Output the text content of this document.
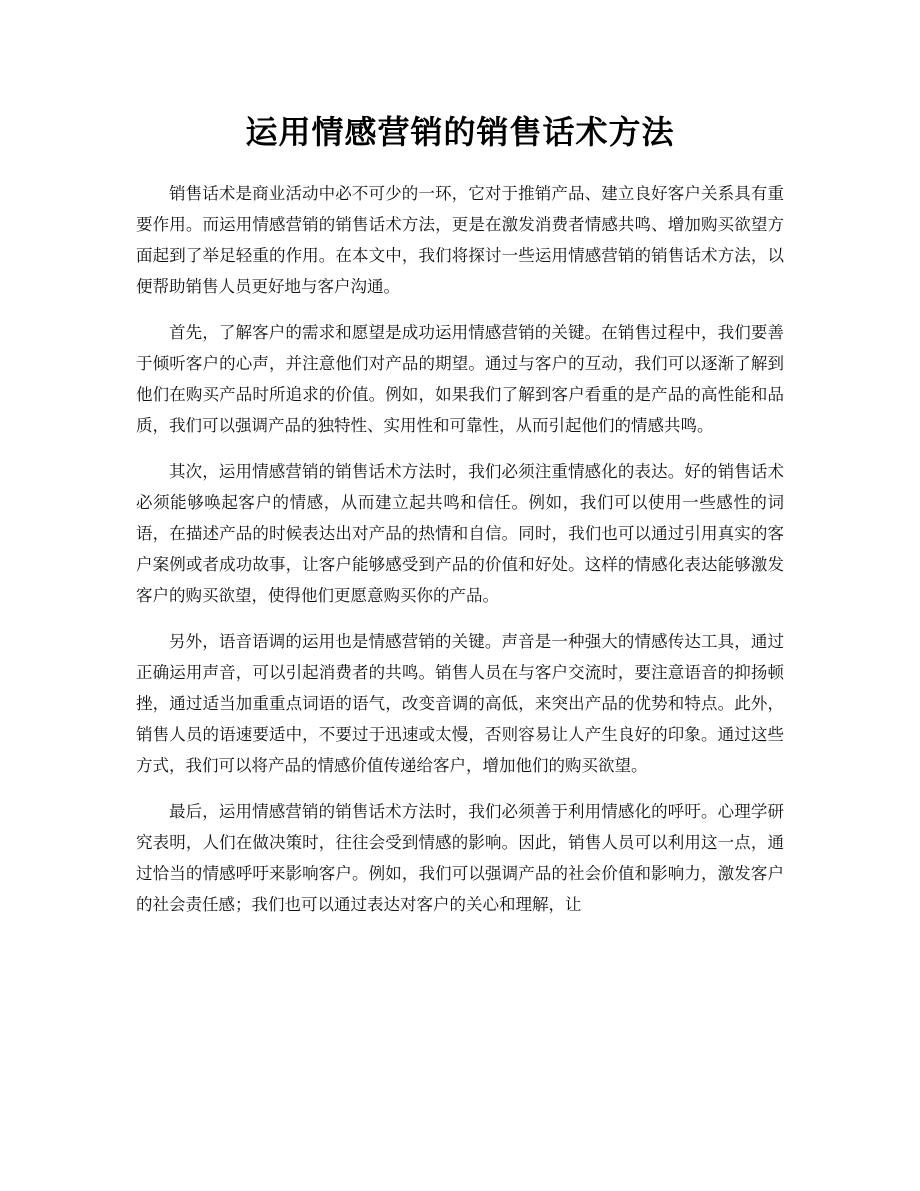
运用情感营销的销售话术方法

销售话术是商业活动中必不可少的一环，它对于推销产品、建立良好客户关系具有重要作用。而运用情感营销的销售话术方法，更是在激发消费者情感共鸣、增加购买欲望方面起到了举足轻重的作用。在本文中，我们将探讨一些运用情感营销的销售话术方法，以便帮助销售人员更好地与客户沟通。

首先，了解客户的需求和愿望是成功运用情感营销的关键。在销售过程中，我们要善于倾听客户的心声，并注意他们对产品的期望。通过与客户的互动，我们可以逐渐了解到他们在购买产品时所追求的价值。例如，如果我们了解到客户看重的是产品的高性能和品质，我们可以强调产品的独特性、实用性和可靠性，从而引起他们的情感共鸣。

其次，运用情感营销的销售话术方法时，我们必须注重情感化的表达。好的销售话术必须能够唤起客户的情感，从而建立起共鸣和信任。例如，我们可以使用一些感性的词语，在描述产品的时候表达出对产品的热情和自信。同时，我们也可以通过引用真实的客户案例或者成功故事，让客户能够感受到产品的价值和好处。这样的情感化表达能够激发客户的购买欲望，使得他们更愿意购买你的产品。

另外，语音语调的运用也是情感营销的关键。声音是一种强大的情感传达工具，通过正确运用声音，可以引起消费者的共鸣。销售人员在与客户交流时，要注意语音的抑扬顿挫，通过适当加重重点词语的语气，改变音调的高低，来突出产品的优势和特点。此外，销售人员的语速要适中，不要过于迅速或太慢，否则容易让人产生良好的印象。通过这些方式，我们可以将产品的情感价值传递给客户，增加他们的购买欲望。

最后，运用情感营销的销售话术方法时，我们必须善于利用情感化的呼吁。心理学研究表明，人们在做决策时，往往会受到情感的影响。因此，销售人员可以利用这一点，通过恰当的情感呼吁来影响客户。例如，我们可以强调产品的社会价值和影响力，激发客户的社会责任感；我们也可以通过表达对客户的关心和理解，让
